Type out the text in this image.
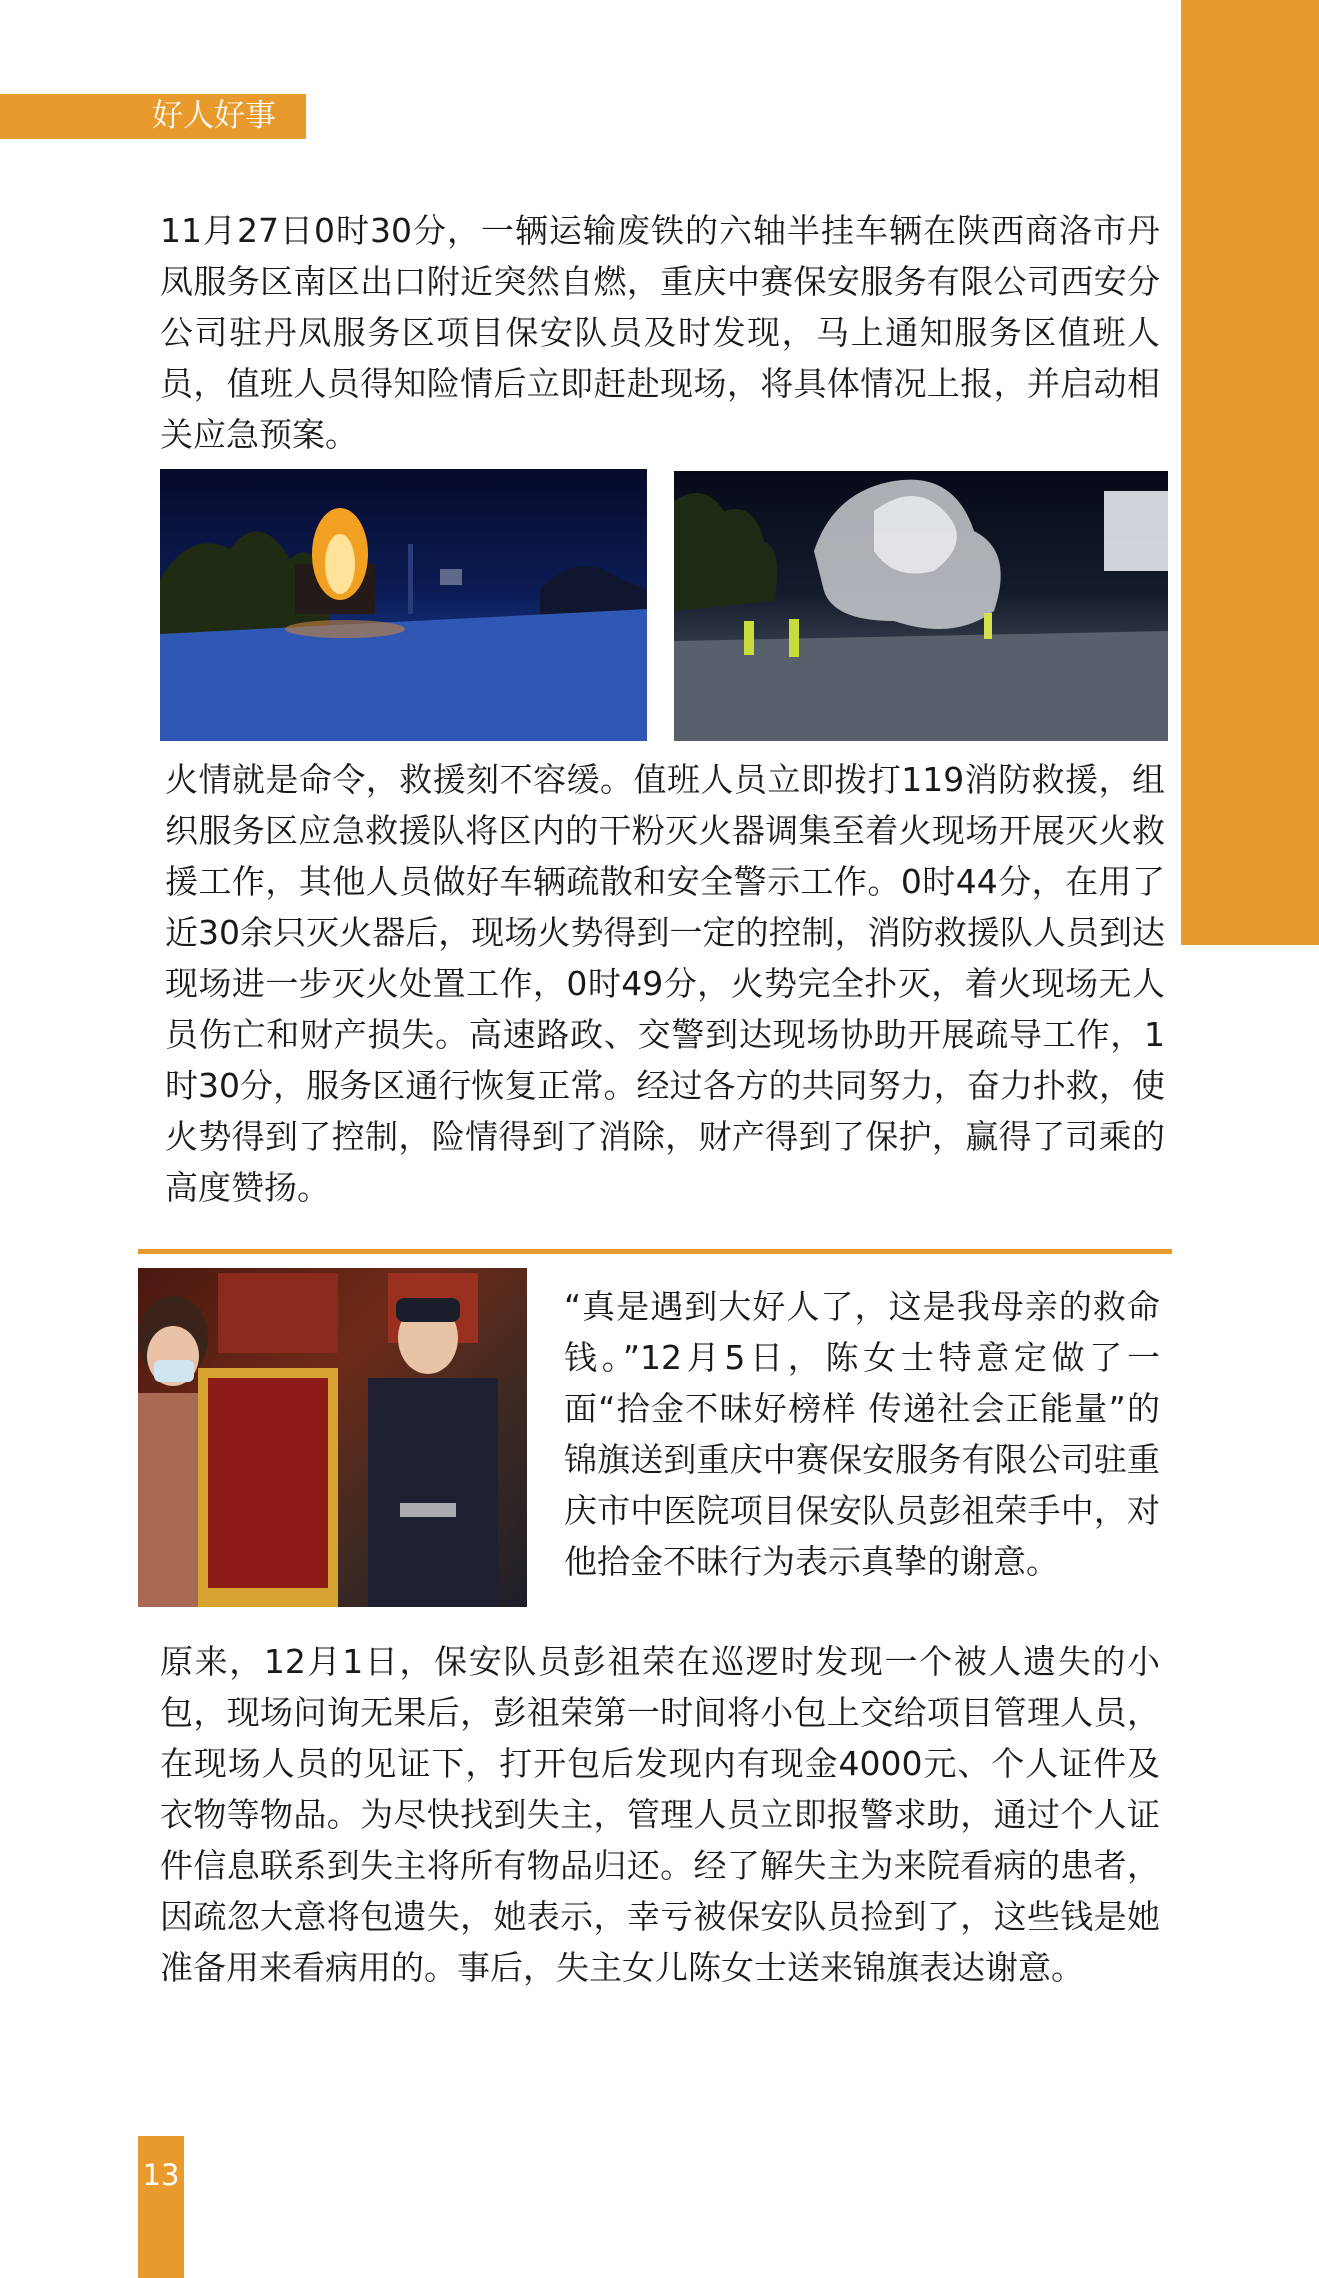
好人好事

11月27日0时30分，一辆运输废铁的六轴半挂车辆在陕西商洛市丹凤服务区南区出口附近突然自燃，重庆中赛保安服务有限公司西安分公司驻丹凤服务区项目保安队员及时发现，马上通知服务区值班人员，值班人员得知险情后立即赶赴现场，将具体情况上报，并启动相关应急预案。

火情就是命令，救援刻不容缓。值班人员立即拨打119消防救援，组织服务区应急救援队将区内的干粉灭火器调集至着火现场开展灭火救援工作，其他人员做好车辆疏散和安全警示工作。0时44分，在用了近30余只灭火器后，现场火势得到一定的控制，消防救援队人员到达现场进一步灭火处置工作，0时49分，火势完全扑灭，着火现场无人员伤亡和财产损失。高速路政、交警到达现场协助开展疏导工作，1时30分，服务区通行恢复正常。经过各方的共同努力，奋力扑救，使火势得到了控制，险情得到了消除，财产得到了保护，赢得了司乘的高度赞扬。

“真是遇到大好人了，这是我母亲的救命钱。”12月5日，陈女士特意定做了一面“拾金不昧好榜样 传递社会正能量”的锦旗送到重庆中赛保安服务有限公司驻重庆市中医院项目保安队员彭祖荣手中，对他拾金不昧行为表示真挚的谢意。

原来，12月1日，保安队员彭祖荣在巡逻时发现一个被人遗失的小包，现场问询无果后，彭祖荣第一时间将小包上交给项目管理人员，在现场人员的见证下，打开包后发现内有现金4000元、个人证件及衣物等物品。为尽快找到失主，管理人员立即报警求助，通过个人证件信息联系到失主将所有物品归还。经了解失主为来院看病的患者，因疏忽大意将包遗失，她表示，幸亏被保安队员捡到了，这些钱是她准备用来看病用的。事后，失主女儿陈女士送来锦旗表达谢意。

13
